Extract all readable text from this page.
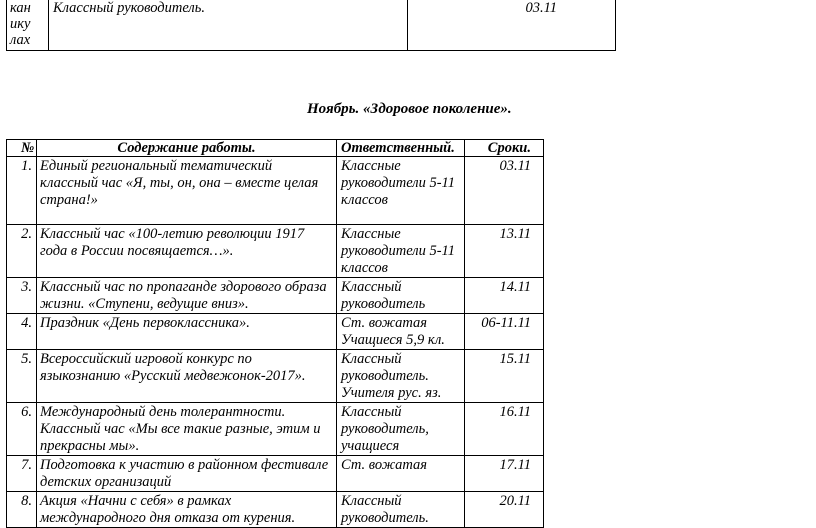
кан
ику
лах	Классный руководитель.	03.11
Ноябрь. «Здоровое поколение».
№	Содержание работы.	Ответственный.	Сроки.
1.	Единый региональный тематический классный час «Я, ты, он, она – вместе целая страна!»	Классные руководители 5-11 классов	03.11
2.	Классный час «100-летию революции 1917 года в России посвящается…».	Классные руководители 5-11 классов	13.11
3.	Классный час по пропаганде здорового образа жизни. «Ступени, ведущие вниз».	Классный руководитель	14.11
4.	Праздник «День первоклассника».	Ст. вожатая Учащиеся 5,9 кл.	06-11.11
5.	Всероссийский игровой конкурс по языкознанию «Русский медвежонок-2017».	Классный руководитель. Учителя рус. яз.	15.11
6.	Международный день толерантности. Классный час «Мы все такие разные, этим и прекрасны мы».	Классный руководитель, учащиеся	16.11
7.	Подготовка к участию в районном фестивале детских организаций	Ст. вожатая	17.11
8.	Акция «Начни с себя» в рамках международного дня отказа от курения.	Классный руководитель.	20.11
